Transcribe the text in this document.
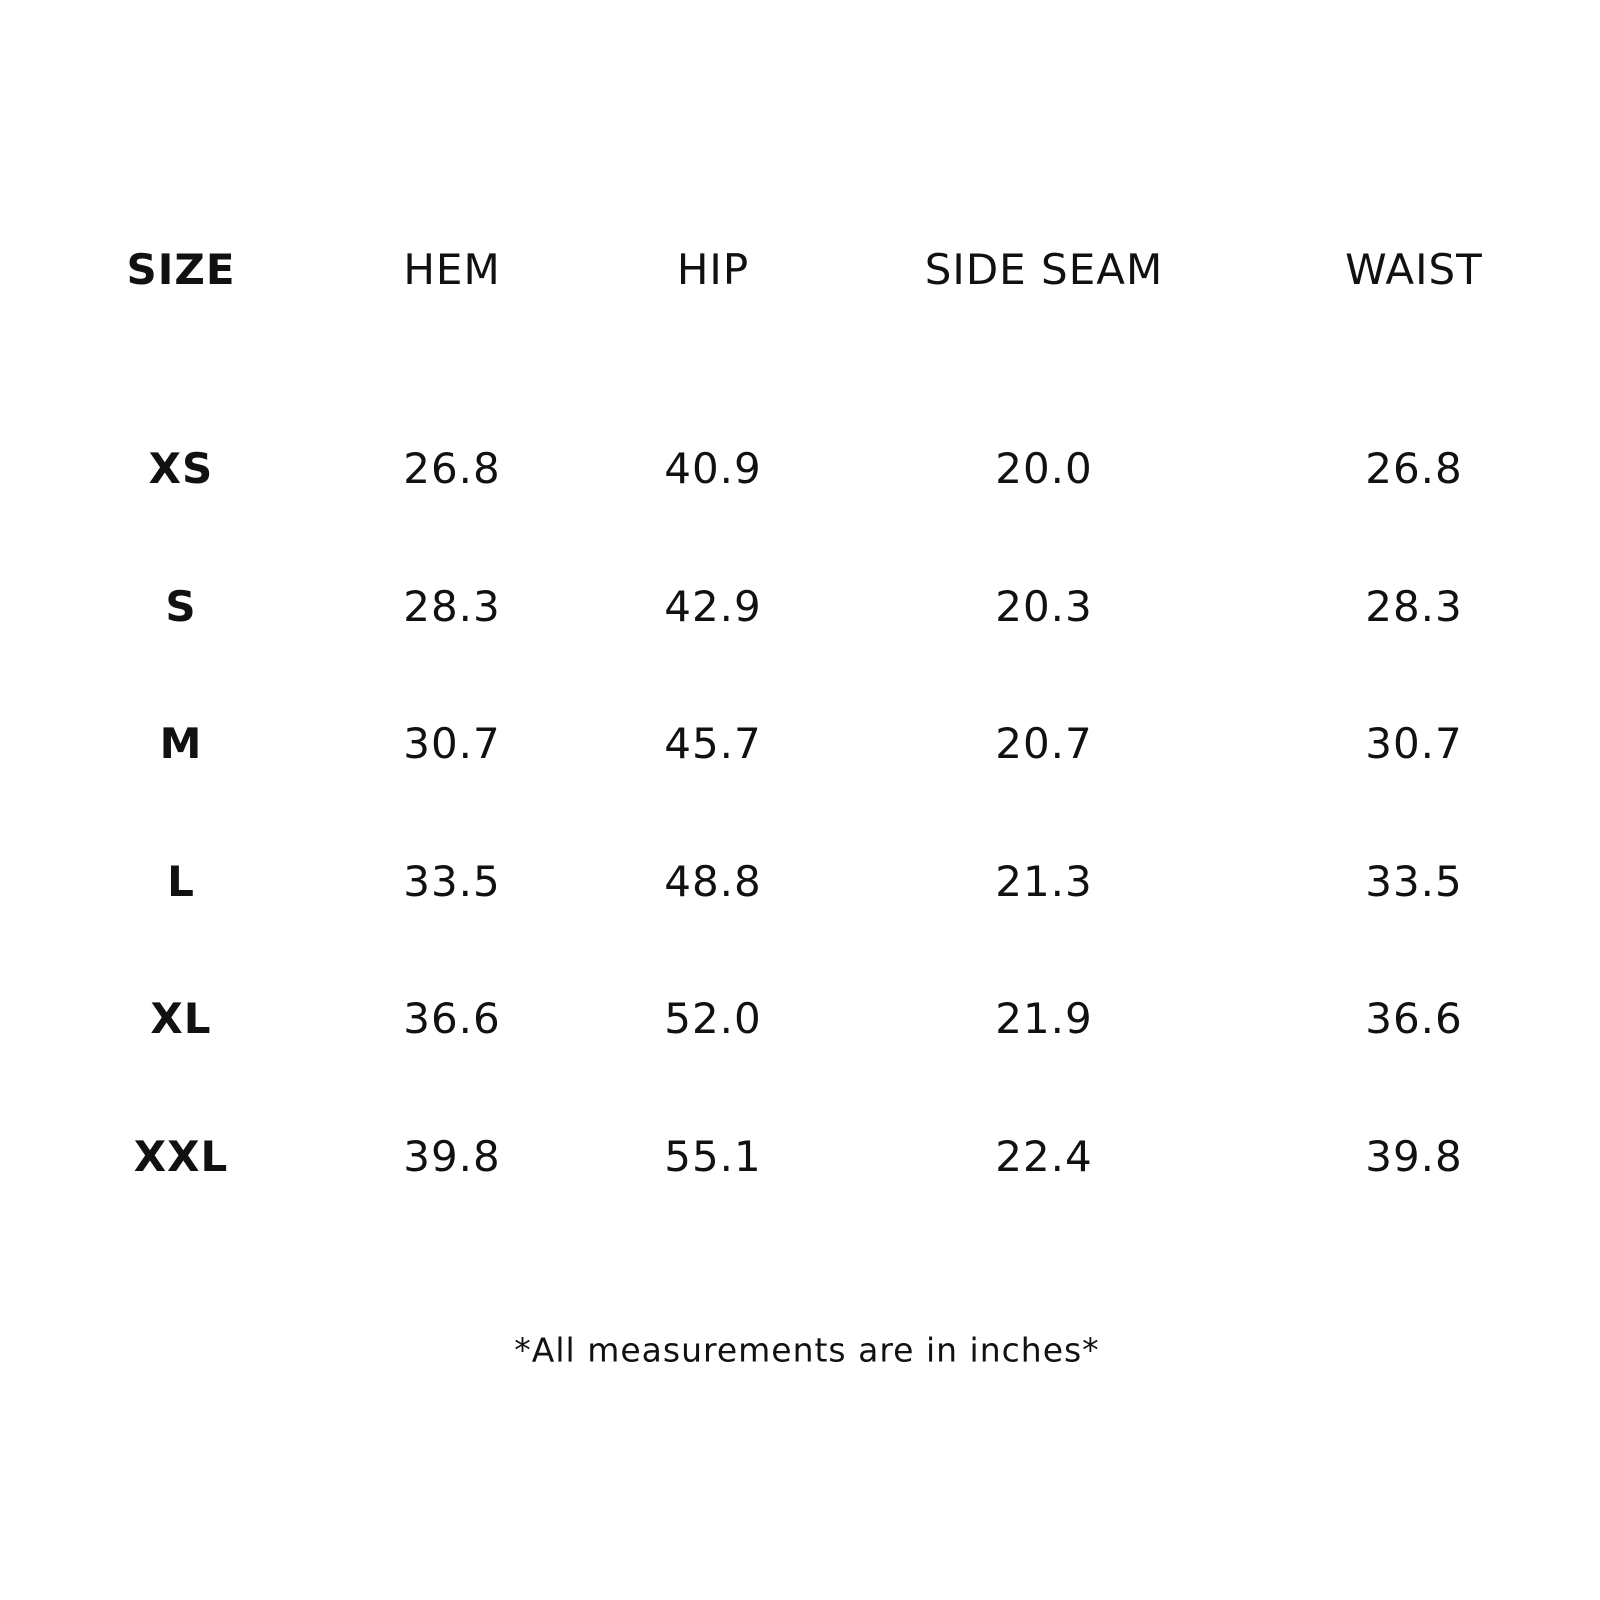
SIZE	HEM	HIP	SIDE SEAM	WAIST
XS	26.8	40.9	20.0	26.8
S	28.3	42.9	20.3	28.3
M	30.7	45.7	20.7	30.7
L	33.5	48.8	21.3	33.5
XL	36.6	52.0	21.9	36.6
XXL	39.8	55.1	22.4	39.8
*All measurements are in inches*
